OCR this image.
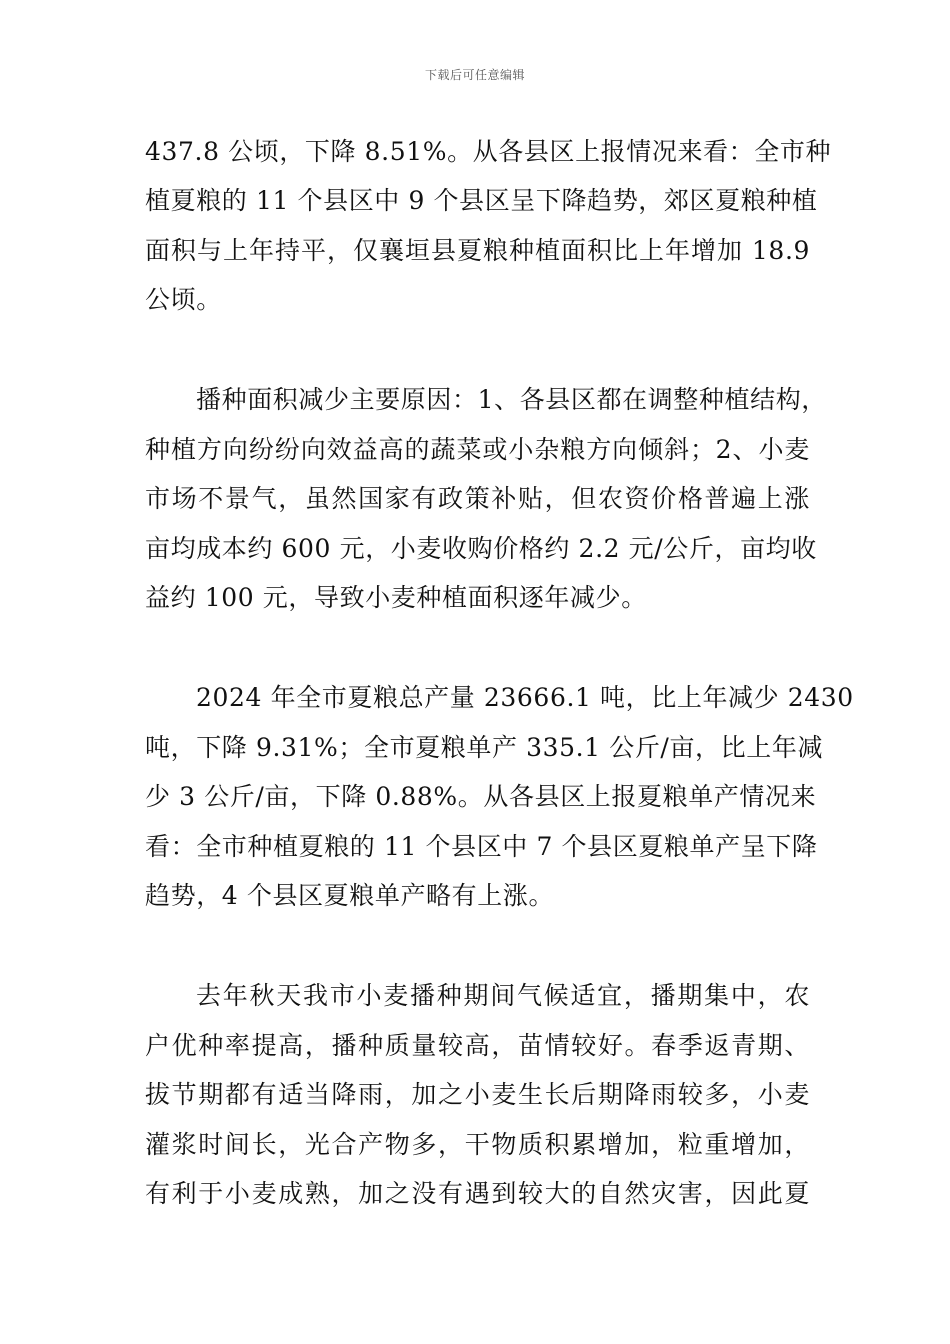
下载后可任意编辑
437.8 公顷，下降 8.51%。从各县区上报情况来看：全市种
植夏粮的 11 个县区中 9 个县区呈下降趋势，郊区夏粮种植
面积与上年持平，仅襄垣县夏粮种植面积比上年增加 18.9
公顷。
播种面积减少主要原因：1、各县区都在调整种植结构，
种植方向纷纷向效益高的蔬菜或小杂粮方向倾斜；2、小麦
市场不景气，虽然国家有政策补贴，但农资价格普遍上涨
亩均成本约 600 元，小麦收购价格约 2.2 元/公斤，亩均收
益约 100 元，导致小麦种植面积逐年减少。
2024 年全市夏粮总产量 23666.1 吨，比上年减少 2430
吨，下降 9.31%；全市夏粮单产 335.1 公斤/亩，比上年减
少 3 公斤/亩，下降 0.88%。从各县区上报夏粮单产情况来
看：全市种植夏粮的 11 个县区中 7 个县区夏粮单产呈下降
趋势，4 个县区夏粮单产略有上涨。
去年秋天我市小麦播种期间气候适宜，播期集中，农
户优种率提高，播种质量较高，苗情较好。春季返青期、
拔节期都有适当降雨，加之小麦生长后期降雨较多，小麦
灌浆时间长，光合产物多，干物质积累增加，粒重增加，
有利于小麦成熟，加之没有遇到较大的自然灾害，因此夏
